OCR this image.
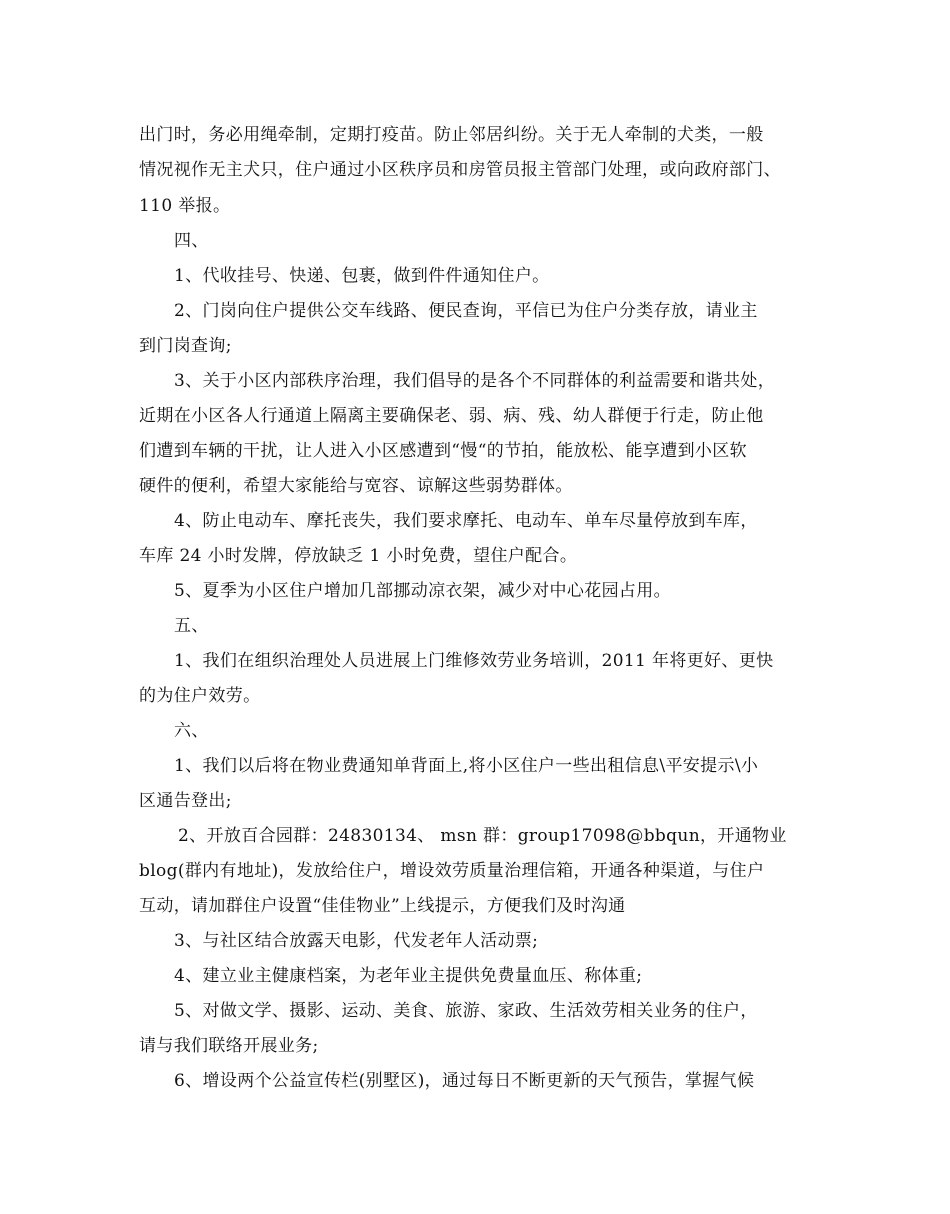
出门时，务必用绳牵制，定期打疫苗。防止邻居纠纷。关于无人牵制的犬类，一般
情况视作无主犬只，住户通过小区秩序员和房管员报主管部门处理，或向政府部门、
110 举报。
四、
1、代收挂号、快递、包裹，做到件件通知住户。
2、门岗向住户提供公交车线路、便民查询，平信已为住户分类存放，请业主
到门岗查询;
3、关于小区内部秩序治理，我们倡导的是各个不同群体的利益需要和谐共处，
近期在小区各人行通道上隔离主要确保老、弱、病、残、幼人群便于行走，防止他
们遭到车辆的干扰，让人进入小区感遭到“慢“的节拍，能放松、能享遭到小区软
硬件的便利，希望大家能给与宽容、谅解这些弱势群体。
4、防止电动车、摩托丧失，我们要求摩托、电动车、单车尽量停放到车库，
车库 24 小时发牌，停放缺乏 1 小时免费，望住户配合。
5、夏季为小区住户增加几部挪动凉衣架，减少对中心花园占用。
五、
1、我们在组织治理处人员进展上门维修效劳业务培训，2011 年将更好、更快
的为住户效劳。
六、
1、我们以后将在物业费通知单背面上,将小区住户一些出租信息\平安提示\小
区通告登出;
2、开放百合园群：24830134、 msn 群：group17098@bbqun，开通物业
blog(群内有地址)，发放给住户，增设效劳质量治理信箱，开通各种渠道，与住户
互动，请加群住户设置“佳佳物业”上线提示，方便我们及时沟通
3、与社区结合放露天电影，代发老年人活动票;
4、建立业主健康档案，为老年业主提供免费量血压、称体重;
5、对做文学、摄影、运动、美食、旅游、家政、生活效劳相关业务的住户，
请与我们联络开展业务;
6、增设两个公益宣传栏(别墅区)，通过每日不断更新的天气预告，掌握气候
